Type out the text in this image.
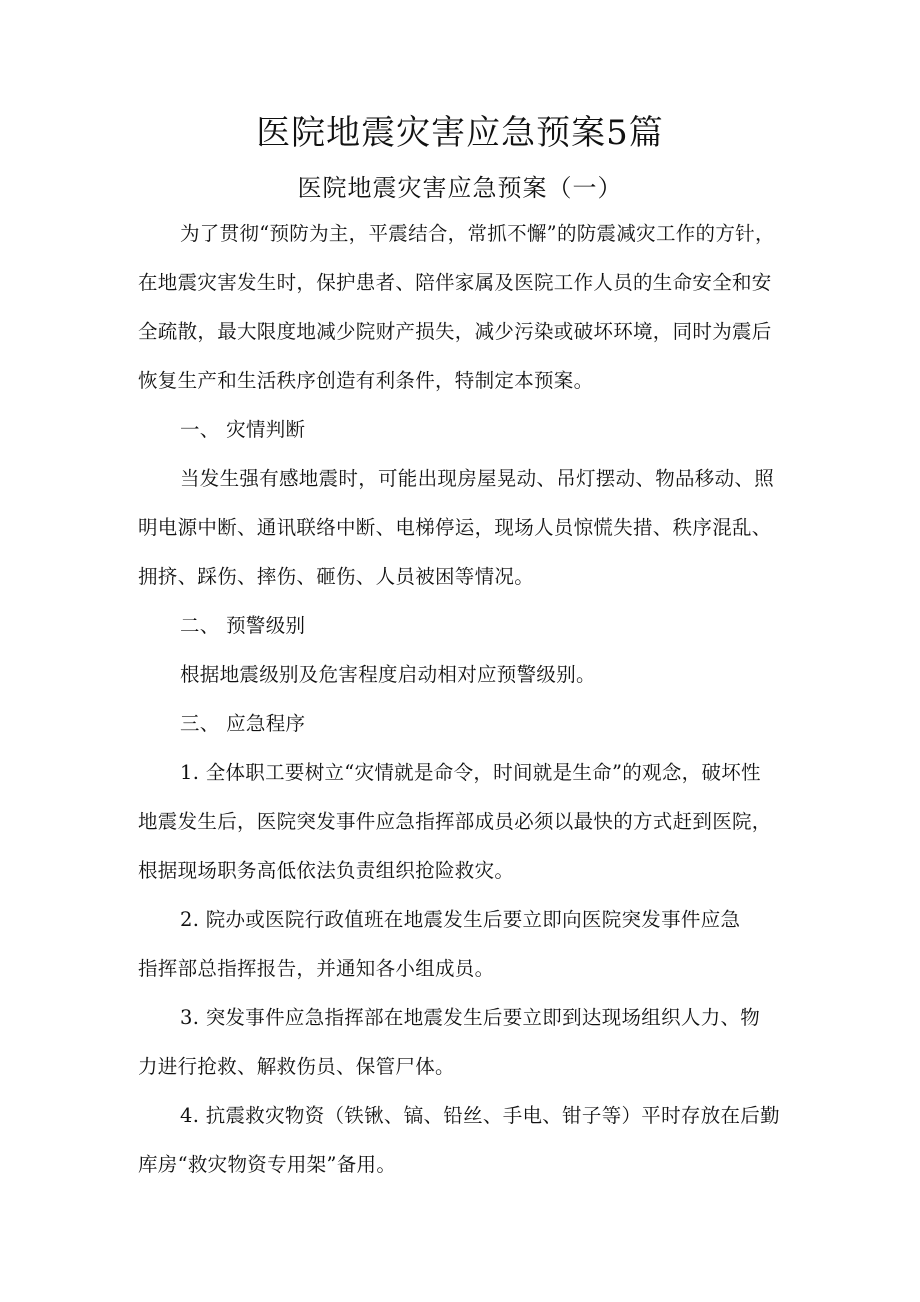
医院地震灾害应急预案5篇
医院地震灾害应急预案（一）
为了贯彻“预防为主，平震结合，常抓不懈”的防震减灾工作的方针，
在地震灾害发生时，保护患者、陪伴家属及医院工作人员的生命安全和安
全疏散，最大限度地减少院财产损失，减少污染或破坏环境，同时为震后
恢复生产和生活秩序创造有利条件，特制定本预案。
一、 灾情判断
当发生强有感地震时，可能出现房屋晃动、吊灯摆动、物品移动、照
明电源中断、通讯联络中断、电梯停运，现场人员惊慌失措、秩序混乱、
拥挤、踩伤、摔伤、砸伤、人员被困等情况。
二、 预警级别
根据地震级别及危害程度启动相对应预警级别。
三、 应急程序
1. 全体职工要树立“灾情就是命令，时间就是生命”的观念，破坏性
地震发生后，医院突发事件应急指挥部成员必须以最快的方式赶到医院，
根据现场职务高低依法负责组织抢险救灾。
2. 院办或医院行政值班在地震发生后要立即向医院突发事件应急
指挥部总指挥报告，并通知各小组成员。
3. 突发事件应急指挥部在地震发生后要立即到达现场组织人力、物
力进行抢救、解救伤员、保管尸体。
4. 抗震救灾物资（铁锹、镐、铅丝、手电、钳子等）平时存放在后勤
库房“救灾物资专用架”备用。
